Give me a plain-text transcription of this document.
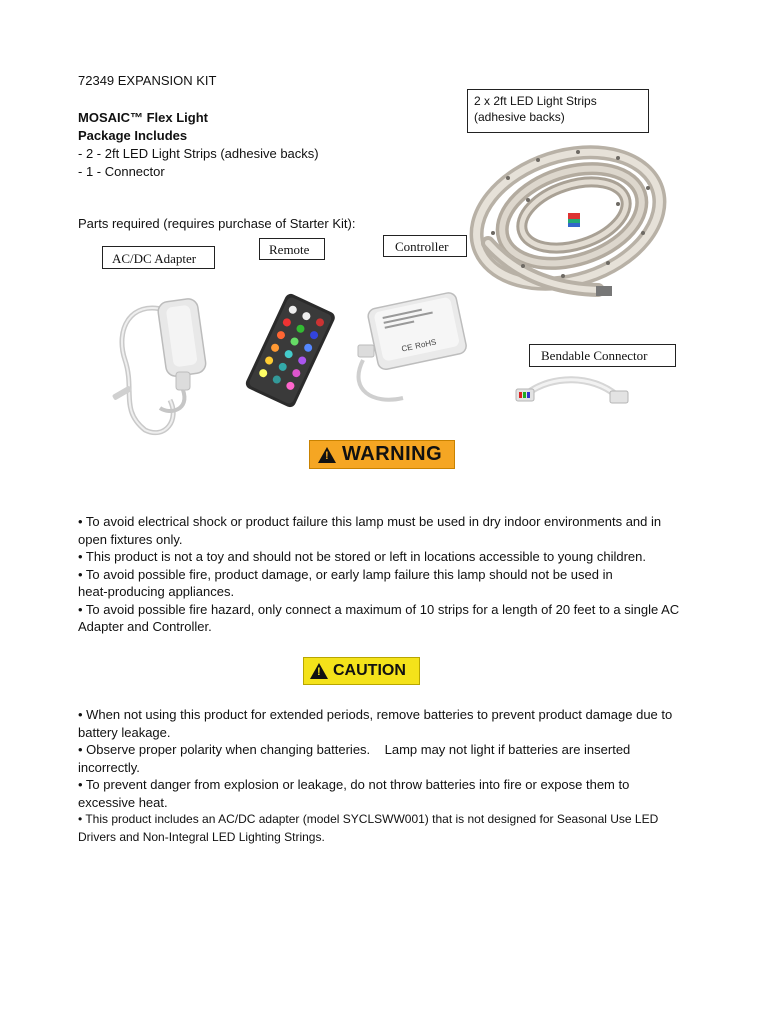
72349 EXPANSION KIT
MOSAIC™ Flex Light
Package Includes
- 2 - 2ft LED Light Strips (adhesive backs)
- 1 - Connector
Parts required (requires purchase of Starter Kit):
2 x 2ft LED Light Strips
(adhesive backs)
AC/DC Adapter
Remote	Controller
Bendable Connector
CE RoHS
! WARNING
• To avoid electrical shock or product failure this lamp must be used in dry indoor environments and in
open fixtures only.
• This product is not a toy and should not be stored or left in locations accessible to young children.
• To avoid possible fire, product damage, or early lamp failure this lamp should not be used in
heat-producing appliances.
• To avoid possible fire hazard, only connect a maximum of 10 strips for a length of 20 feet to a single AC
Adapter and Controller.
! CAUTION
• When not using this product for extended periods, remove batteries to prevent product damage due to
battery leakage.
• Observe proper polarity when changing batteries.    Lamp may not light if batteries are inserted
incorrectly.
• To prevent danger from explosion or leakage, do not throw batteries into fire or expose them to
excessive heat.
• This product includes an AC/DC adapter (model SYCLSWW001) that is not designed for Seasonal Use LED
Drivers and Non-Integral LED Lighting Strings.
